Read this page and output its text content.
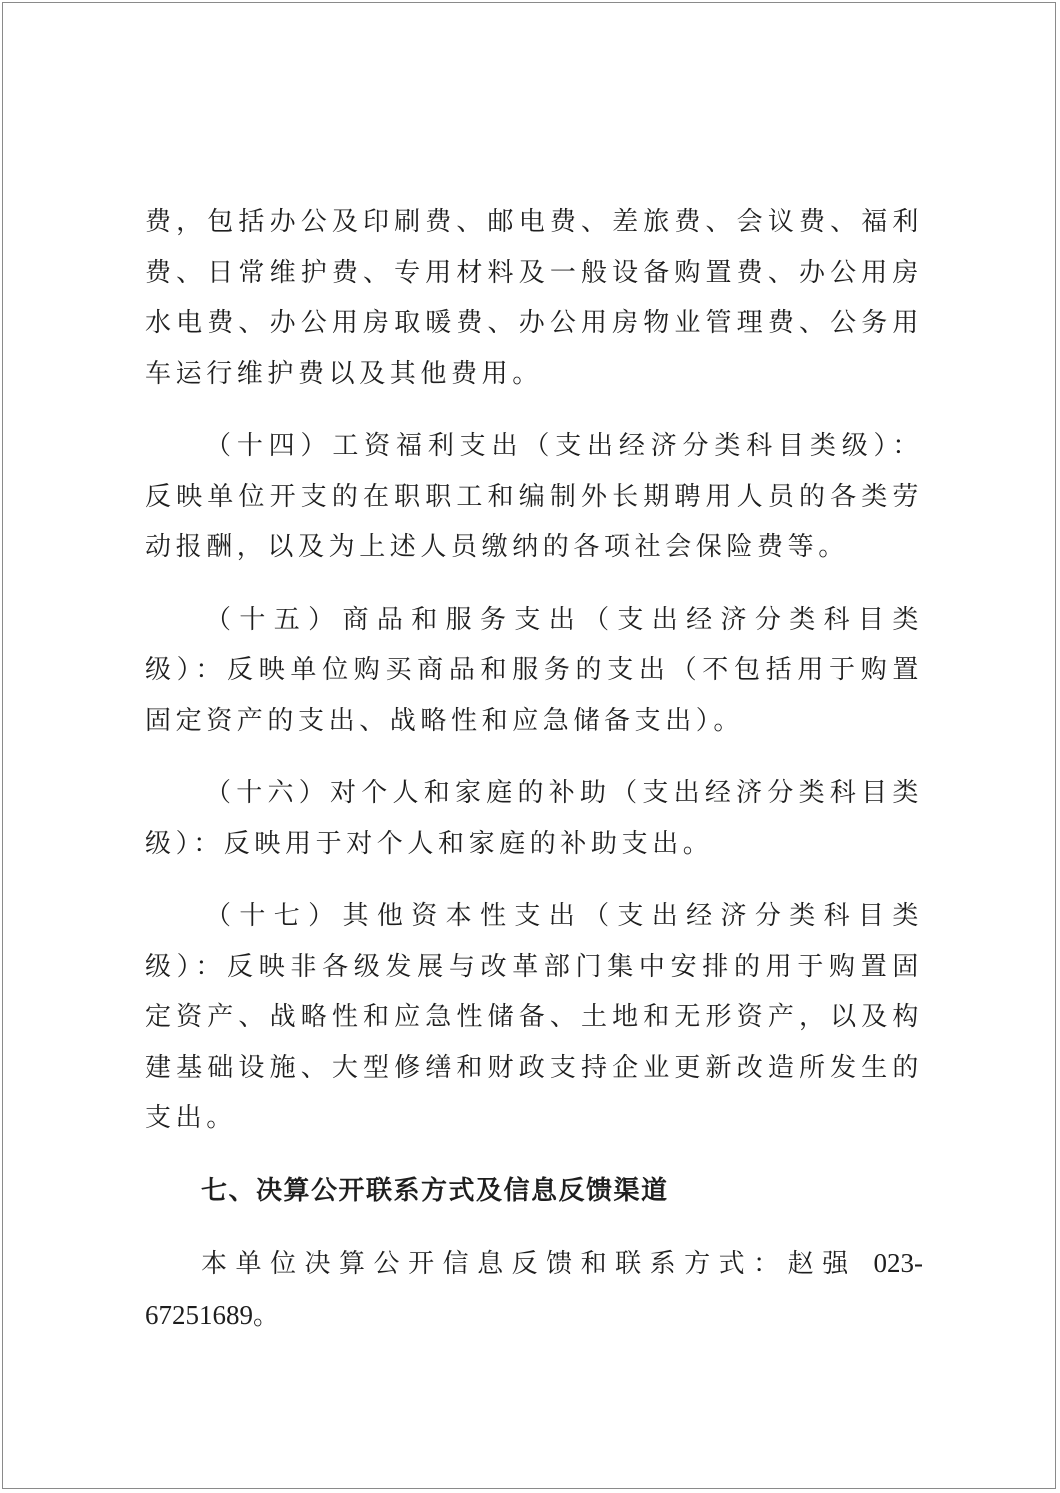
费，包括办公及印刷费、邮电费、差旅费、会议费、福利费、日常维护费、专用材料及一般设备购置费、办公用房水电费、办公用房取暖费、办公用房物业管理费、公务用车运行维护费以及其他费用。

（十四）工资福利支出（支出经济分类科目类级）：反映单位开支的在职职工和编制外长期聘用人员的各类劳动报酬，以及为上述人员缴纳的各项社会保险费等。

（十五）商品和服务支出（支出经济分类科目类级）：反映单位购买商品和服务的支出（不包括用于购置固定资产的支出、战略性和应急储备支出）。

（十六）对个人和家庭的补助（支出经济分类科目类级）：反映用于对个人和家庭的补助支出。

（十七）其他资本性支出（支出经济分类科目类级）：反映非各级发展与改革部门集中安排的用于购置固定资产、战略性和应急性储备、土地和无形资产，以及构建基础设施、大型修缮和财政支持企业更新改造所发生的支出。

七、决算公开联系方式及信息反馈渠道

本单位决算公开信息反馈和联系方式：赵强 023-67251689。
